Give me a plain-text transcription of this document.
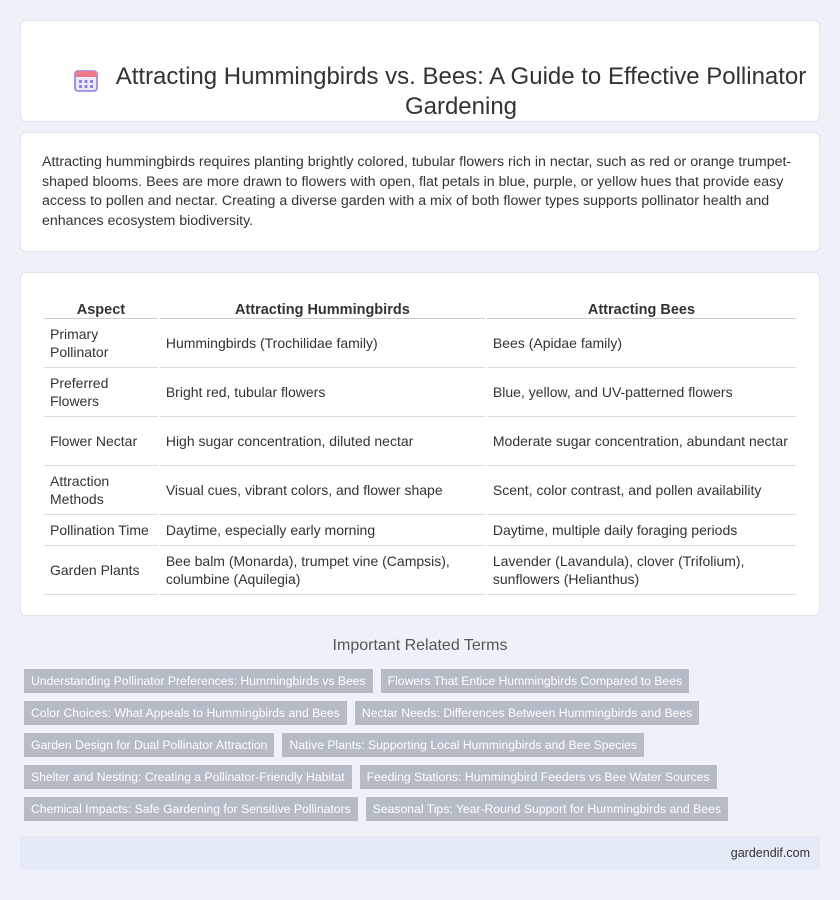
Attracting Hummingbirds vs. Bees: A Guide to Effective Pollinator Gardening

Attracting hummingbirds requires planting brightly colored, tubular flowers rich in nectar, such as red or orange trumpet-shaped blooms. Bees are more drawn to flowers with open, flat petals in blue, purple, or yellow hues that provide easy access to pollen and nectar. Creating a diverse garden with a mix of both flower types supports pollinator health and enhances ecosystem biodiversity.

Aspect	Attracting Hummingbirds	Attracting Bees
Primary Pollinator	Hummingbirds (Trochilidae family)	Bees (Apidae family)
Preferred Flowers	Bright red, tubular flowers	Blue, yellow, and UV-patterned flowers
Flower Nectar	High sugar concentration, diluted nectar	Moderate sugar concentration, abundant nectar
Attraction Methods	Visual cues, vibrant colors, and flower shape	Scent, color contrast, and pollen availability
Pollination Time	Daytime, especially early morning	Daytime, multiple daily foraging periods
Garden Plants	Bee balm (Monarda), trumpet vine (Campsis), columbine (Aquilegia)	Lavender (Lavandula), clover (Trifolium), sunflowers (Helianthus)
Important Related Terms
Understanding Pollinator Preferences: Hummingbirds vs Bees	Flowers That Entice Hummingbirds Compared to Bees
Color Choices: What Appeals to Hummingbirds and Bees	Nectar Needs: Differences Between Hummingbirds and Bees
Garden Design for Dual Pollinator Attraction	Native Plants: Supporting Local Hummingbirds and Bee Species
Shelter and Nesting: Creating a Pollinator-Friendly Habitat	Feeding Stations: Hummingbird Feeders vs Bee Water Sources
Chemical Impacts: Safe Gardening for Sensitive Pollinators	Seasonal Tips: Year-Round Support for Hummingbirds and Bees
gardendif.com
